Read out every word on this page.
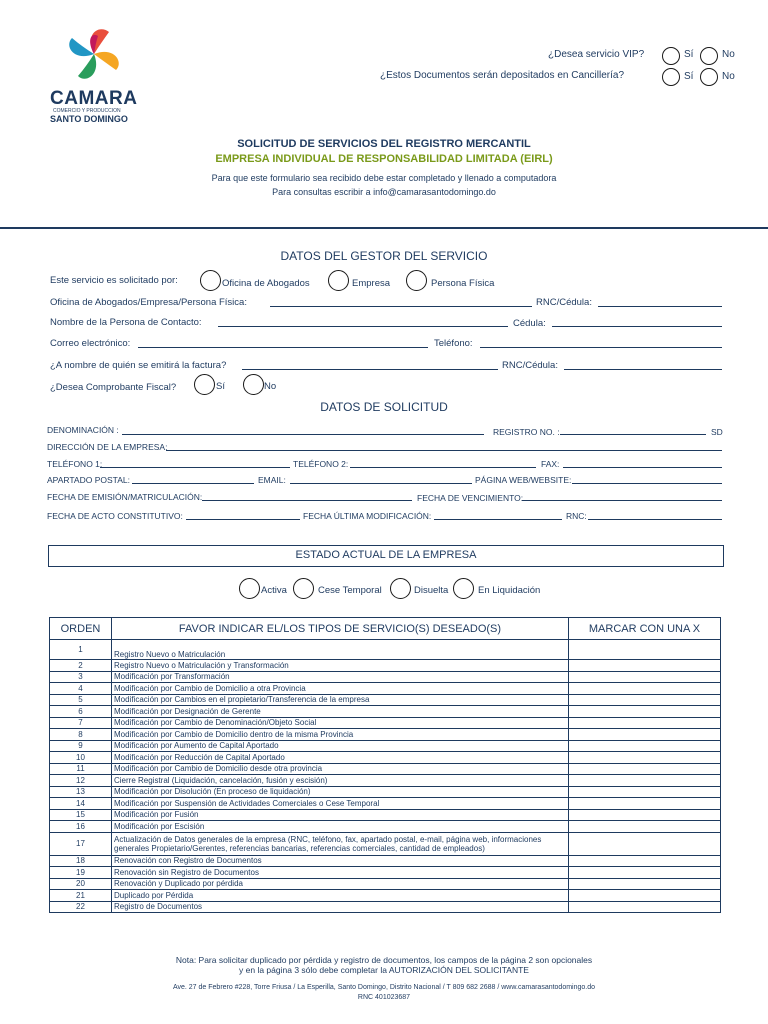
CAMARA
COMERCIO Y PRODUCCION
SANTO DOMINGO
¿Desea servicio VIP?	Sí	No
¿Estos Documentos serán depositados en Cancillería?	Sí	No
SOLICITUD DE SERVICIOS DEL REGISTRO MERCANTIL
EMPRESA INDIVIDUAL DE RESPONSABILIDAD LIMITADA (EIRL)
Para que este formulario sea recibido debe estar completado y llenado a computadora
Para consultas escribir a info@camarasantodomingo.do
DATOS DEL GESTOR DEL SERVICIO
Este servicio es solicitado por:	Oficina de Abogados	Empresa	Persona Física
Oficina de Abogados/Empresa/Persona Física:	RNC/Cédula:
Nombre de la Persona de Contacto:	Cédula:
Correo electrónico:	Teléfono:
¿A nombre de quién se emitirá la factura?	RNC/Cédula:
¿Desea Comprobante Fiscal?	Sí	No
DATOS DE SOLICITUD
DENOMINACIÓN :	REGISTRO NO. :	SD
DIRECCIÓN DE LA EMPRESA:
TELÉFONO 1:	TELÉFONO 2:	FAX:
APARTADO POSTAL:	EMAIL:	PÁGINA WEB/WEBSITE:
FECHA DE EMISIÓN/MATRICULACIÓN:	FECHA DE VENCIMIENTO:
FECHA DE ACTO CONSTITUTIVO:	FECHA ÚLTIMA MODIFICACIÓN:	RNC:
ESTADO ACTUAL DE LA EMPRESA
Activa	Cese Temporal	Disuelta	En Liquidación
ORDEN	FAVOR INDICAR EL/LOS TIPOS DE SERVICIO(S) DESEADO(S)	MARCAR CON UNA X
1	Registro Nuevo o Matriculación	
2	Registro Nuevo o Matriculación y Transformación	
3	Modificación por Transformación	
4	Modificación por Cambio de Domicilio a otra Provincia	
5	Modificación por Cambios en el propietario/Transferencia de la empresa	
6	Modificación por Designación de Gerente	
7	Modificación por Cambio de Denominación/Objeto Social	
8	Modificación por Cambio de Domicilio dentro de la misma Provincia	
9	Modificación por Aumento de Capital Aportado	
10	Modificación por Reducción de Capital Aportado	
11	Modificación por Cambio de Domicilio desde otra provincia	
12	Cierre Registral (Liquidación, cancelación, fusión y escisión)	
13	Modificación por Disolución (En proceso de liquidación)	
14	Modificación por Suspensión de Actividades Comerciales o Cese Temporal	
15	Modificación por Fusión	
16	Modificación por Escisión	
17	Actualización de Datos generales de la empresa (RNC, teléfono, fax, apartado postal, e-mail, página web, informaciones generales Propietario/Gerentes, referencias bancarias, referencias comerciales, cantidad de empleados)	
18	Renovación con Registro de Documentos	
19	Renovación sin Registro de Documentos	
20	Renovación y Duplicado por pérdida	
21	Duplicado por Pérdida	
22	Registro de Documentos	
Nota: Para solicitar duplicado por pérdida y registro de documentos, los campos de la página 2 son opcionales
y en la página 3 sólo debe completar la AUTORIZACIÓN DEL SOLICITANTE
Ave. 27 de Febrero #228, Torre Friusa / La Esperilla, Santo Domingo, Distrito Nacional / T 809 682 2688 / www.camarasantodomingo.do
RNC 401023687
